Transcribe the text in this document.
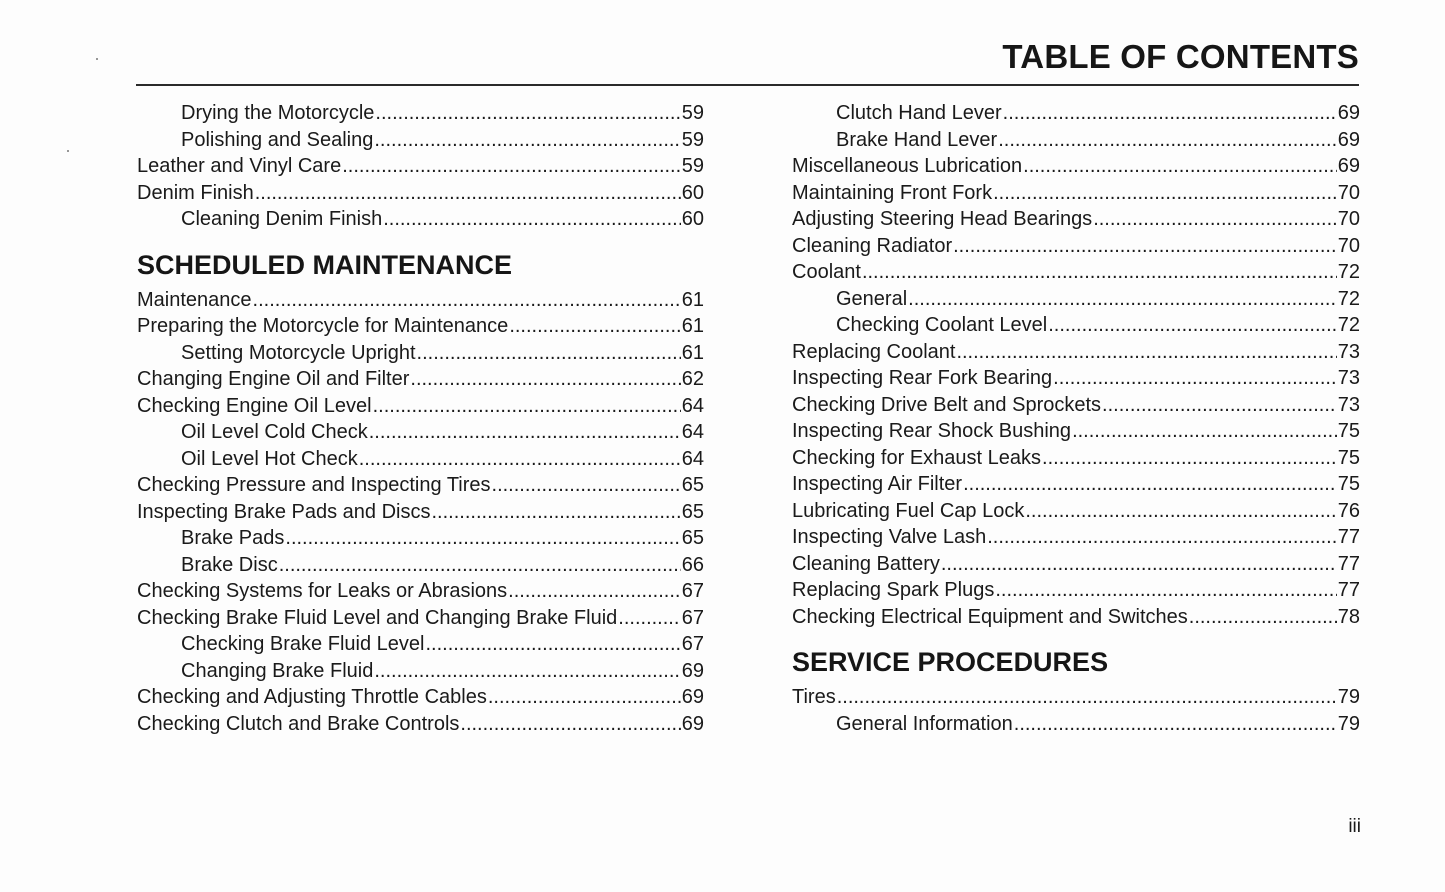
TABLE OF CONTENTS
Drying the Motorcycle .....	59
Polishing and Sealing .....	59
Leather and Vinyl Care .....	59
Denim Finish .....	60
Cleaning Denim Finish .....	60
SCHEDULED MAINTENANCE
Maintenance .....	61
Preparing the Motorcycle for Maintenance .....	61
Setting Motorcycle Upright .....	61
Changing Engine Oil and Filter .....	62
Checking Engine Oil Level .....	64
Oil Level Cold Check .....	64
Oil Level Hot Check .....	64
Checking Pressure and Inspecting Tires .....	65
Inspecting Brake Pads and Discs .....	65
Brake Pads .....	65
Brake Disc .....	66
Checking Systems for Leaks or Abrasions .....	67
Checking Brake Fluid Level and Changing Brake Fluid .....	67
Checking Brake Fluid Level .....	67
Changing Brake Fluid .....	69
Checking and Adjusting Throttle Cables .....	69
Checking Clutch and Brake Controls .....	69
Clutch Hand Lever .....	69
Brake Hand Lever .....	69
Miscellaneous Lubrication .....	69
Maintaining Front Fork .....	70
Adjusting Steering Head Bearings .....	70
Cleaning Radiator .....	70
Coolant .....	72
General .....	72
Checking Coolant Level .....	72
Replacing Coolant .....	73
Inspecting Rear Fork Bearing .....	73
Checking Drive Belt and Sprockets .....	73
Inspecting Rear Shock Bushing .....	75
Checking for Exhaust Leaks .....	75
Inspecting Air Filter .....	75
Lubricating Fuel Cap Lock .....	76
Inspecting Valve Lash .....	77
Cleaning Battery .....	77
Replacing Spark Plugs .....	77
Checking Electrical Equipment and Switches .....	78
SERVICE PROCEDURES
Tires .....	79
General Information .....	79
iii
